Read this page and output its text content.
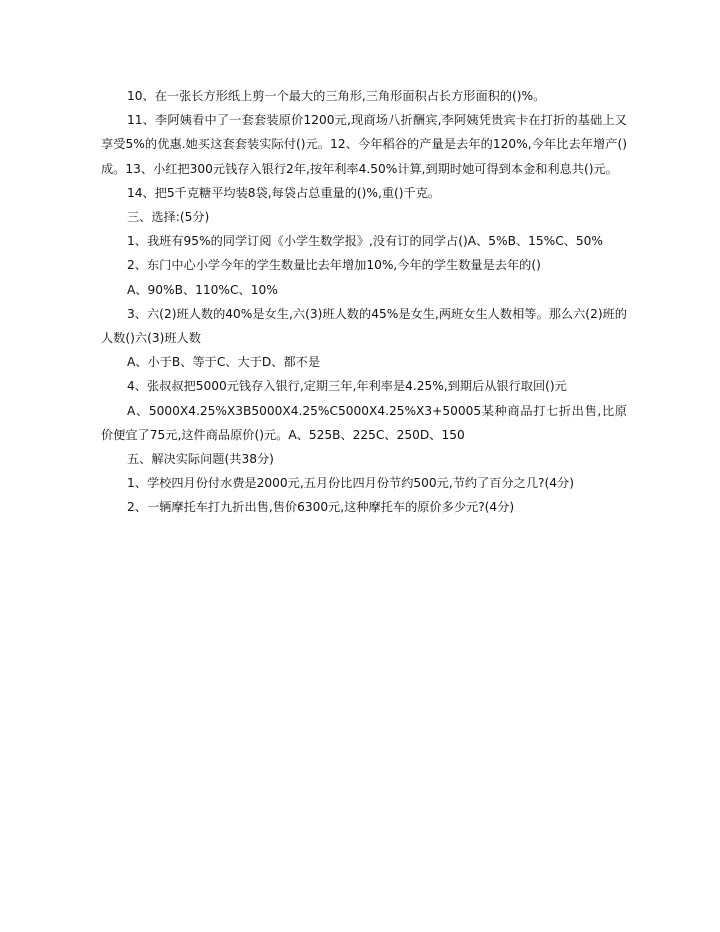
10、在一张长方形纸上剪一个最大的三角形,三角形面积占长方形面积的()%。

11、李阿姨看中了一套套装原价1200元,现商场八折酬宾,李阿姨凭贵宾卡在打折的基础上又享受5%的优惠.她买这套套装实际付()元。12、今年稻谷的产量是去年的120%,今年比去年增产()成。13、小红把300元钱存入银行2年,按年利率4.50%计算,到期时她可得到本金和利息共()元。

14、把5千克糖平均装8袋,每袋占总重量的()%,重()千克。

三、选择:(5分)

1、我班有95%的同学订阅《小学生数学报》,没有订的同学占()A、5%B、15%C、50%

2、东门中心小学今年的学生数量比去年增加10%,今年的学生数量是去年的()

A、90%B、110%C、10%

3、六(2)班人数的40%是女生,六(3)班人数的45%是女生,两班女生人数相等。那么六(2)班的人数()六(3)班人数

A、小于B、等于C、大于D、都不是

4、张叔叔把5000元钱存入银行,定期三年,年利率是4.25%,到期后从银行取回()元

A、5000X4.25%X3B5000X4.25%C5000X4.25%X3+50005某种商品打七折出售,比原价便宜了75元,这件商品原价()元。A、525B、225C、250D、150

五、解决实际问题(共38分)

1、学校四月份付水费是2000元,五月份比四月份节约500元,节约了百分之几?(4分)

2、一辆摩托车打九折出售,售价6300元,这种摩托车的原价多少元?(4分)
